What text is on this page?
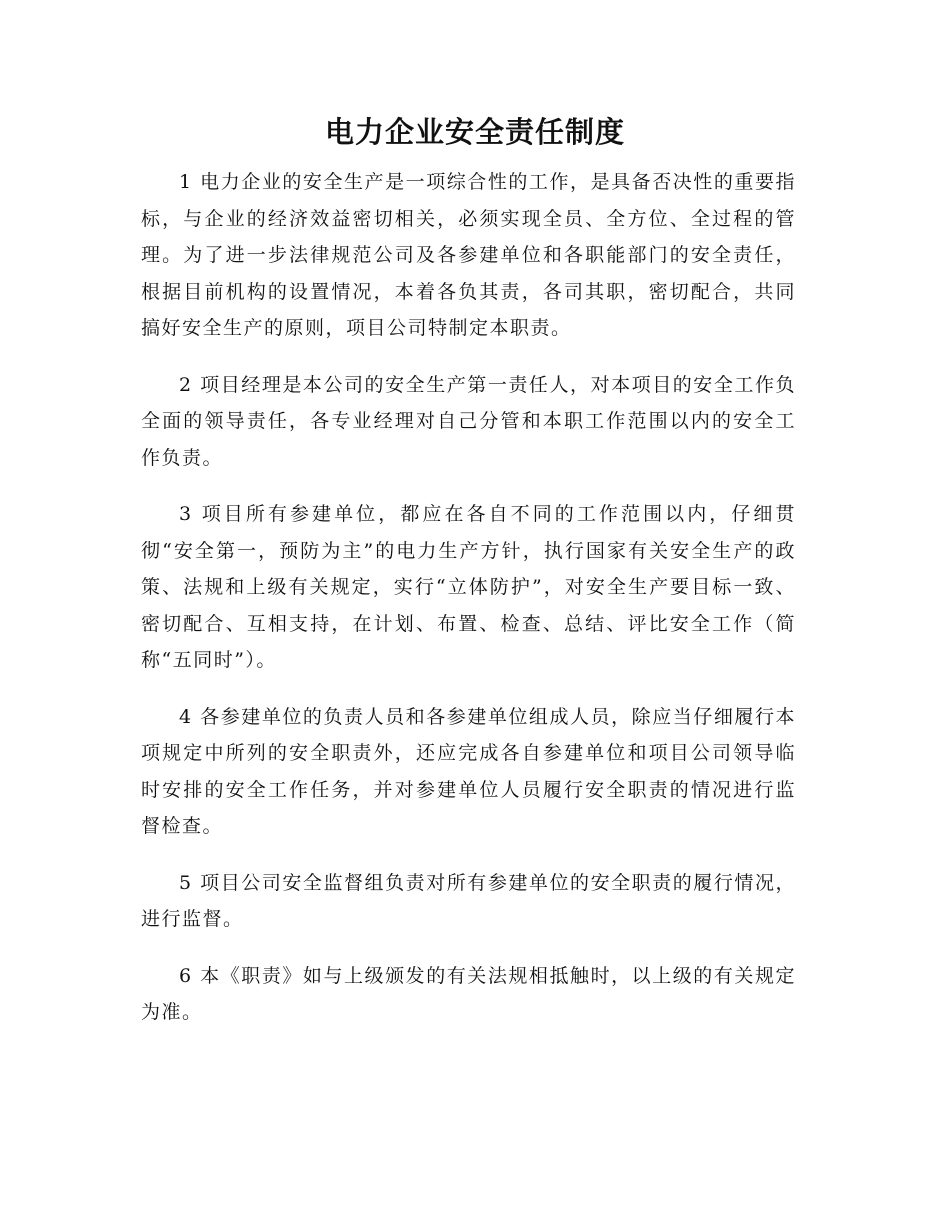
电力企业安全责任制度

1 电力企业的安全生产是一项综合性的工作，是具备否决性的重要指标，与企业的经济效益密切相关，必须实现全员、全方位、全过程的管理。为了进一步法律规范公司及各参建单位和各职能部门的安全责任，根据目前机构的设置情况，本着各负其责，各司其职，密切配合，共同搞好安全生产的原则，项目公司特制定本职责。

2 项目经理是本公司的安全生产第一责任人，对本项目的安全工作负全面的领导责任，各专业经理对自己分管和本职工作范围以内的安全工作负责。

3 项目所有参建单位，都应在各自不同的工作范围以内，仔细贯彻“安全第一，预防为主”的电力生产方针，执行国家有关安全生产的政策、法规和上级有关规定，实行“立体防护”，对安全生产要目标一致、密切配合、互相支持，在计划、布置、检查、总结、评比安全工作（简称“五同时”）。

4 各参建单位的负责人员和各参建单位组成人员，除应当仔细履行本项规定中所列的安全职责外，还应完成各自参建单位和项目公司领导临时安排的安全工作任务，并对参建单位人员履行安全职责的情况进行监督检查。

5 项目公司安全监督组负责对所有参建单位的安全职责的履行情况，进行监督。

6 本《职责》如与上级颁发的有关法规相抵触时，以上级的有关规定为准。
